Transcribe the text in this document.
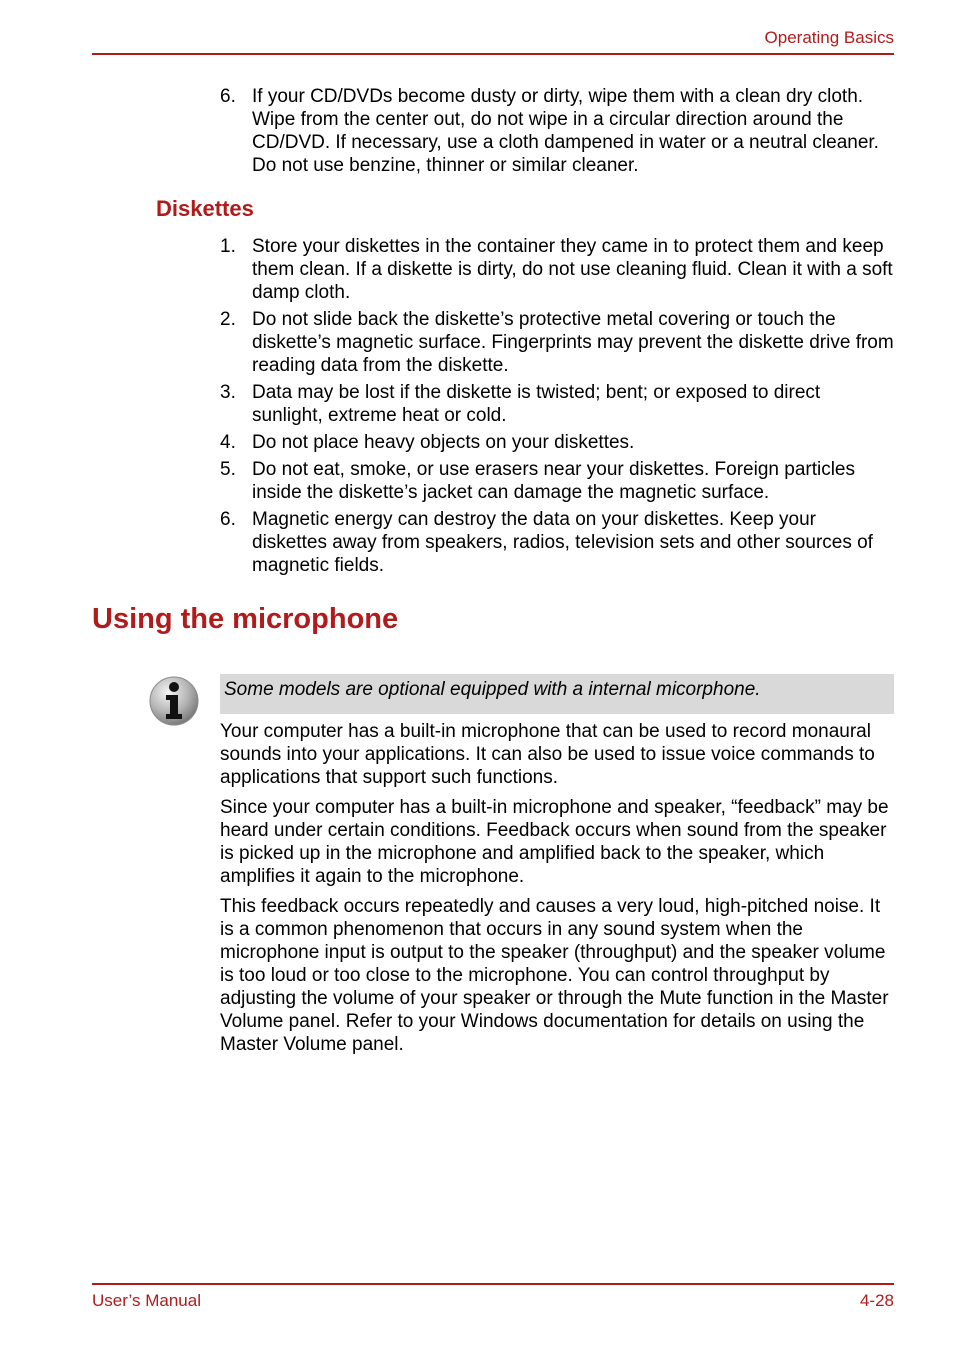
Operating Basics
6. If your CD/DVDs become dusty or dirty, wipe them with a clean dry cloth. Wipe from the center out, do not wipe in a circular direction around the CD/DVD. If necessary, use a cloth dampened in water or a neutral cleaner. Do not use benzine, thinner or similar cleaner.
Diskettes
1. Store your diskettes in the container they came in to protect them and keep them clean. If a diskette is dirty, do not use cleaning fluid. Clean it with a soft damp cloth.
2. Do not slide back the diskette’s protective metal covering or touch the diskette’s magnetic surface. Fingerprints may prevent the diskette drive from reading data from the diskette.
3. Data may be lost if the diskette is twisted; bent; or exposed to direct sunlight, extreme heat or cold.
4. Do not place heavy objects on your diskettes.
5. Do not eat, smoke, or use erasers near your diskettes. Foreign particles inside the diskette’s jacket can damage the magnetic surface.
6. Magnetic energy can destroy the data on your diskettes. Keep your diskettes away from speakers, radios, television sets and other sources of magnetic fields.
Using the microphone
Some models are optional equipped with a internal micorphone.

Your computer has a built-in microphone that can be used to record monaural sounds into your applications. It can also be used to issue voice commands to applications that support such functions.

Since your computer has a built-in microphone and speaker, “feedback” may be heard under certain conditions. Feedback occurs when sound from the speaker is picked up in the microphone and amplified back to the speaker, which amplifies it again to the microphone.

This feedback occurs repeatedly and causes a very loud, high-pitched noise. It is a common phenomenon that occurs in any sound system when the microphone input is output to the speaker (throughput) and the speaker volume is too loud or too close to the microphone. You can control throughput by adjusting the volume of your speaker or through the Mute function in the Master Volume panel. Refer to your Windows documentation for details on using the Master Volume panel.

User’s Manual	4-28
